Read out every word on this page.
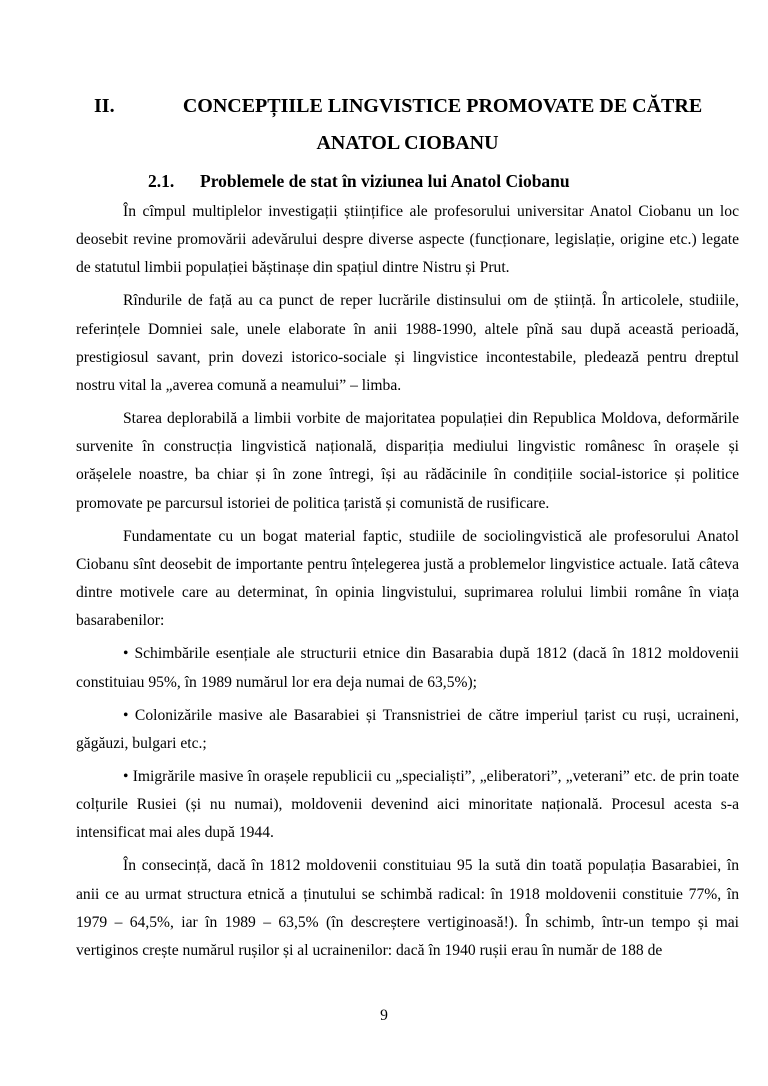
II.	CONCEPȚIILE LINGVISTICE PROMOVATE DE CĂTRE
ANATOL CIOBANU
2.1. Problemele de stat în viziunea lui Anatol Ciobanu

În cîmpul multiplelor investigații științifice ale profesorului universitar Anatol Ciobanu un loc deosebit revine promovării adevărului despre diverse aspecte (funcționare, legislație, origine etc.) legate de statutul limbii populației băștinașe din spațiul dintre Nistru și Prut.

Rîndurile de față au ca punct de reper lucrările distinsului om de știință. În articolele, studiile, referințele Domniei sale, unele elaborate în anii 1988-1990, altele pînă sau după această perioadă, prestigiosul savant, prin dovezi istorico-sociale și lingvistice incontestabile, pledează pentru dreptul nostru vital la „averea comună a neamului” – limba.

Starea deplorabilă a limbii vorbite de majoritatea populației din Republica Moldova, deformările survenite în construcția lingvistică națională, dispariția mediului lingvistic românesc în orașele și orășelele noastre, ba chiar și în zone întregi, își au rădăcinile în condițiile social-istorice și politice promovate pe parcursul istoriei de politica țaristă și comunistă de rusificare.

Fundamentate cu un bogat material faptic, studiile de sociolingvistică ale profesorului Anatol Ciobanu sînt deosebit de importante pentru înțelegerea justă a problemelor lingvistice actuale. Iată câteva dintre motivele care au determinat, în opinia lingvistului, suprimarea rolului limbii române în viața basarabenilor:

• Schimbările esențiale ale structurii etnice din Basarabia după 1812 (dacă în 1812 moldovenii constituiau 95%, în 1989 numărul lor era deja numai de 63,5%);

• Colonizările masive ale Basarabiei și Transnistriei de către imperiul țarist cu ruși, ucraineni, găgăuzi, bulgari etc.;

• Imigrările masive în orașele republicii cu „specialiști”, „eliberatori”, „veterani” etc. de prin toate colțurile Rusiei (și nu numai), moldovenii devenind aici minoritate națională. Procesul acesta s-a intensificat mai ales după 1944.

În consecință, dacă în 1812 moldovenii constituiau 95 la sută din toată populația Basarabiei, în anii ce au urmat structura etnică a ținutului se schimbă radical: în 1918 moldovenii constituie 77%, în 1979 – 64,5%, iar în 1989 – 63,5% (în descreștere vertiginoasă!). În schimb, într-un tempo și mai vertiginos crește numărul rușilor și al ucrainenilor: dacă în 1940 rușii erau în număr de 188 de

9
